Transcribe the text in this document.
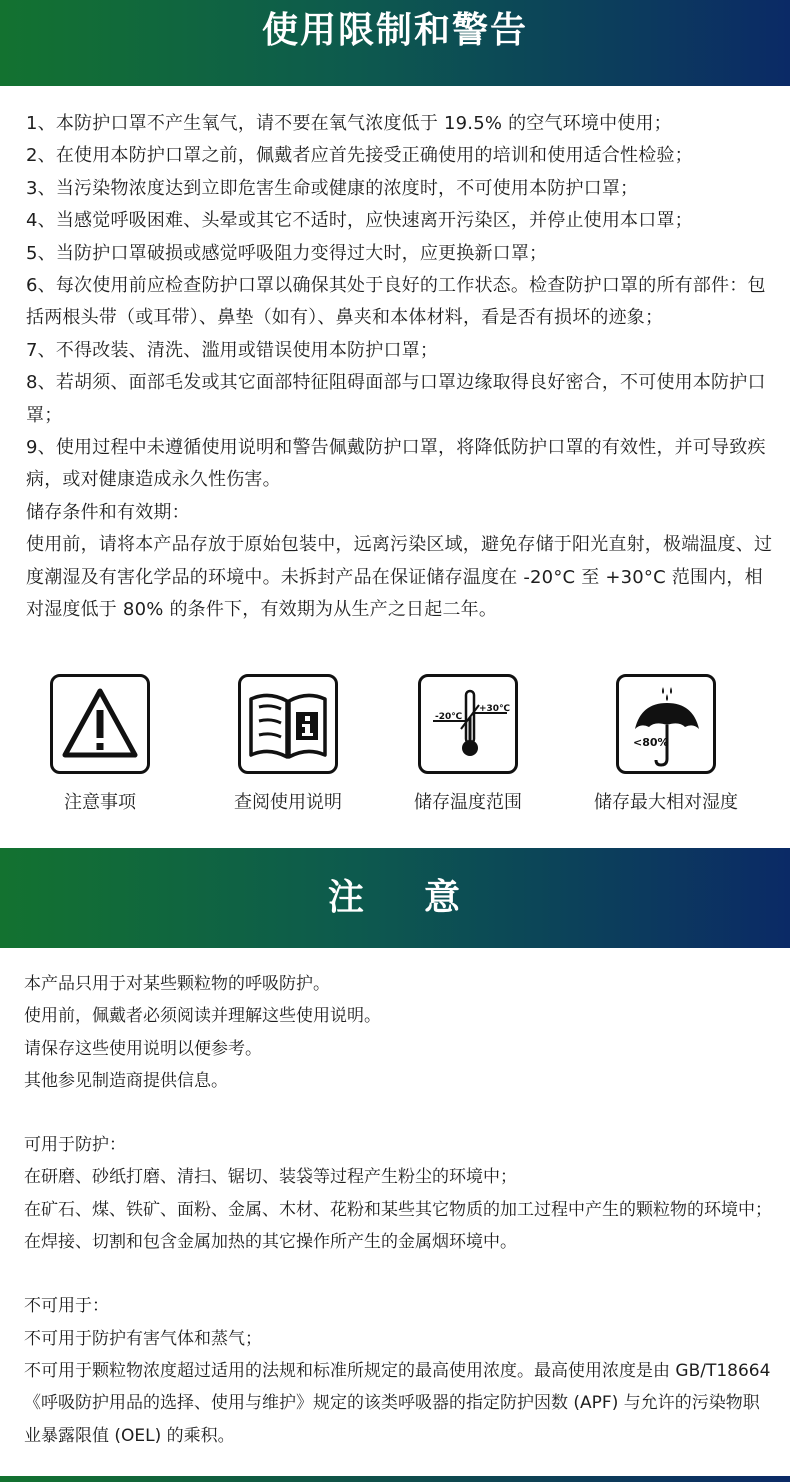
使用限制和警告

1、本防护口罩不产生氧气，请不要在氧气浓度低于 19.5% 的空气环境中使用；

2、在使用本防护口罩之前，佩戴者应首先接受正确使用的培训和使用适合性检验；

3、当污染物浓度达到立即危害生命或健康的浓度时，不可使用本防护口罩；

4、当感觉呼吸困难、头晕或其它不适时，应快速离开污染区，并停止使用本口罩；

5、当防护口罩破损或感觉呼吸阻力变得过大时，应更换新口罩；

6、每次使用前应检查防护口罩以确保其处于良好的工作状态。检查防护口罩的所有部件：包括两根头带（或耳带）、鼻垫（如有）、鼻夹和本体材料，看是否有损坏的迹象；

7、不得改装、清洗、滥用或错误使用本防护口罩；

8、若胡须、面部毛发或其它面部特征阻碍面部与口罩边缘取得良好密合，不可使用本防护口罩；

9、使用过程中未遵循使用说明和警告佩戴防护口罩，将降低防护口罩的有效性，并可导致疾病，或对健康造成永久性伤害。

储存条件和有效期：

使用前，请将本产品存放于原始包装中，远离污染区域，避免存储于阳光直射，极端温度、过度潮湿及有害化学品的环境中。未拆封产品在保证储存温度在 -20°C 至 +30°C 范围内，相对湿度低于 80% 的条件下，有效期为从生产之日起二年。

注意事项	查阅使用说明
-20℃
+30℃
储存温度范围
<80%
储存最大相对湿度
注    意

本产品只用于对某些颗粒物的呼吸防护。

使用前，佩戴者必须阅读并理解这些使用说明。

请保存这些使用说明以便参考。

其他参见制造商提供信息。

可用于防护：

在研磨、砂纸打磨、清扫、锯切、装袋等过程产生粉尘的环境中；

在矿石、煤、铁矿、面粉、金属、木材、花粉和某些其它物质的加工过程中产生的颗粒物的环境中；在焊接、切割和包含金属加热的其它操作所产生的金属烟环境中。

不可用于：

不可用于防护有害气体和蒸气；

不可用于颗粒物浓度超过适用的法规和标准所规定的最高使用浓度。最高使用浓度是由 GB/T18664《呼吸防护用品的选择、使用与维护》规定的该类呼吸器的指定防护因数 (APF) 与允许的污染物职业暴露限值 (OEL) 的乘积。
